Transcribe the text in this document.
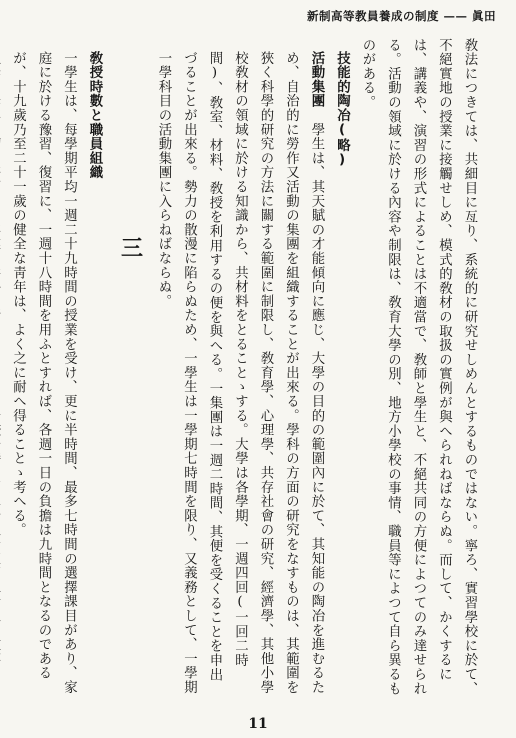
新制高等教員養成の制度 —— 眞田

敎法につきては、共細目に亙り、系統的に研究せしめんとするものではない。寧ろ、實習學校に於て、不絕實地の授業に接觸せしめ、模式的敎材の取扱の實例が與へられねばならぬ。而して、かくするには、講義や、演習の形式によることは不適當で、敎師と學生と、不絕共同の方便によつてのみ達せられる。活動の領域に於ける內容や制限は、敎育大學の別、地方小學校の事情、職員等によつて自ら異るものがある。

技能的陶冶(略)

活動集團　學生は、其天賦の才能傾向に應じ、大學の目的の範圍內に於て、其知能の陶冶を進むるため、自治的に勞作又活動の集團を組織することが出來る。學科の方面の研究をなすものは、其範圍を狹く科學的研究の方法に關する範圍に制限し、敎育學、心理學、共存社會の研究、經濟學、其他小學校敎材の領域に於ける知識から、共材料をとることゝする。大學は各學期、一週四回(一回二時間)、敎室、材料、敎授を利用するの便を與へる。一集團は一週二時間、其便を受くることを申出づることが出來る。勢力の散漫に陷らぬため、一學生は一學期七時間を限り、又義務として、一學期一學科目の活動集團に入らねばならぬ。

三

敎授時數と職員組織

一學生は、每學期平均一週二十九時間の授業を受け、更に半時間、最多七時間の選擇課目があり、家庭に於ける豫習、復習に、一週十八時間を用ふとすれば、各週一日の負擔は九時間となるのであるが、十九歲乃至二十一歲の健全な靑年は、よく之に耐へ得ることゝ考へる。

11
